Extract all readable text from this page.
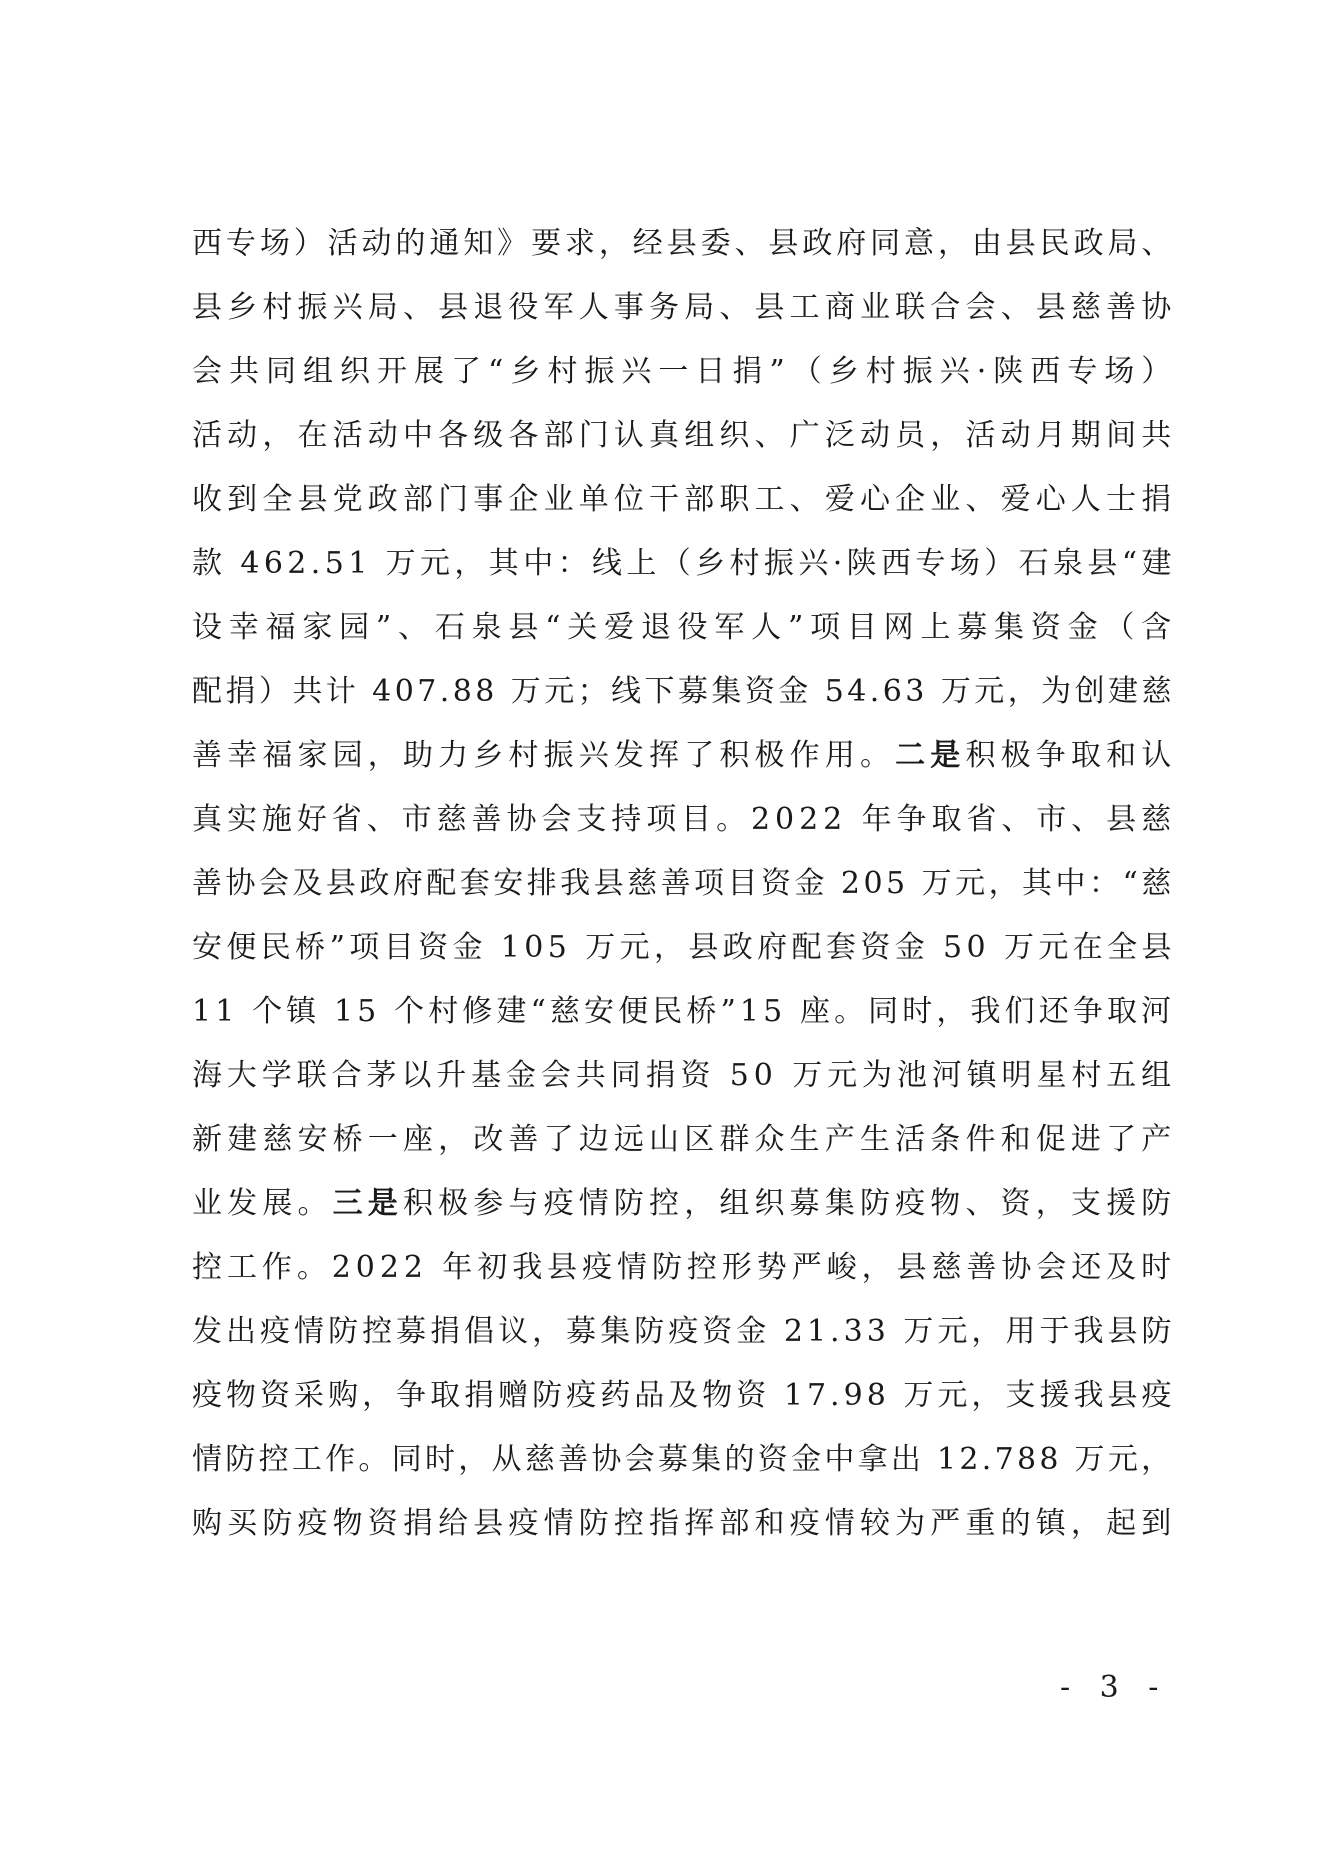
西 专 场 ） 活 动 的 通 知 》 要 求 ， 经 县 委 、 县 政 府 同 意 ， 由 县 民 政 局 、
县 乡 村 振 兴 局 、 县 退 役 军 人 事 务 局 、 县 工 商 业 联 合 会 、 县 慈 善 协
会 共 同 组 织 开 展 了 “ 乡 村 振 兴 一 日 捐 ” （ 乡 村 振 兴 · 陕 西 专 场 ）
活 动 ， 在 活 动 中 各 级 各 部 门 认 真 组 织 、 广 泛 动 员 ， 活 动 月 期 间 共
收 到 全 县 党 政 部 门 事 企 业 单 位 干 部 职 工 、 爱 心 企 业 、 爱 心 人 士 捐
款
4 6 2 . 5 1
万 元 ， 其 中 ： 线 上 （ 乡 村 振 兴 · 陕 西 专 场 ） 石 泉 县 “ 建
设 幸 福 家 园 ” 、 石 泉 县 “ 关 爱 退 役 军 人 ” 项 目 网 上 募 集 资 金 （ 含
配 捐 ） 共 计
4 0 7 . 8 8
万 元 ； 线 下 募 集 资 金
5 4 . 6 3
万 元 ， 为 创 建 慈
善 幸 福 家 园 ， 助 力 乡 村 振 兴 发 挥 了 积 极 作 用 。 二 是 积 极 争 取 和 认
真 实 施 好 省 、 市 慈 善 协 会 支 持 项 目 。 2 0 2 2
年 争 取 省 、 市 、 县 慈
善 协 会 及 县 政 府 配 套 安 排 我 县 慈 善 项 目 资 金
2 0 5
万 元 ， 其 中 ： “ 慈
安 便 民 桥 ” 项 目 资 金
1 0 5
万 元 ， 县 政 府 配 套 资 金
5 0
万 元 在 全 县
1 1
个 镇
1 5
个 村 修 建 “ 慈 安 便 民 桥 ” 1 5
座 。 同 时 ， 我 们 还 争 取 河
海 大 学 联 合 茅 以 升 基 金 会 共 同 捐 资
5 0
万 元 为 池 河 镇 明 星 村 五 组
新 建 慈 安 桥 一 座 ， 改 善 了 边 远 山 区 群 众 生 产 生 活 条 件 和 促 进 了 产
业 发 展 。 三 是 积 极 参 与 疫 情 防 控 ， 组 织 募 集 防 疫 物 、 资 ， 支 援 防
控 工 作 。 2 0 2 2
年 初 我 县 疫 情 防 控 形 势 严 峻 ， 县 慈 善 协 会 还 及 时
发 出 疫 情 防 控 募 捐 倡 议 ， 募 集 防 疫 资 金
2 1 . 3 3
万 元 ， 用 于 我 县 防
疫 物 资 采 购 ， 争 取 捐 赠 防 疫 药 品 及 物 资
1 7 . 9 8
万 元 ， 支 援 我 县 疫
情 防 控 工 作 。 同 时 ， 从 慈 善 协 会 募 集 的 资 金 中 拿 出
1 2 . 7 8 8
万 元 ，
购 买 防 疫 物 资 捐 给 县 疫 情 防 控 指 挥 部 和 疫 情 较 为 严 重 的 镇 ， 起 到
- 3 -
